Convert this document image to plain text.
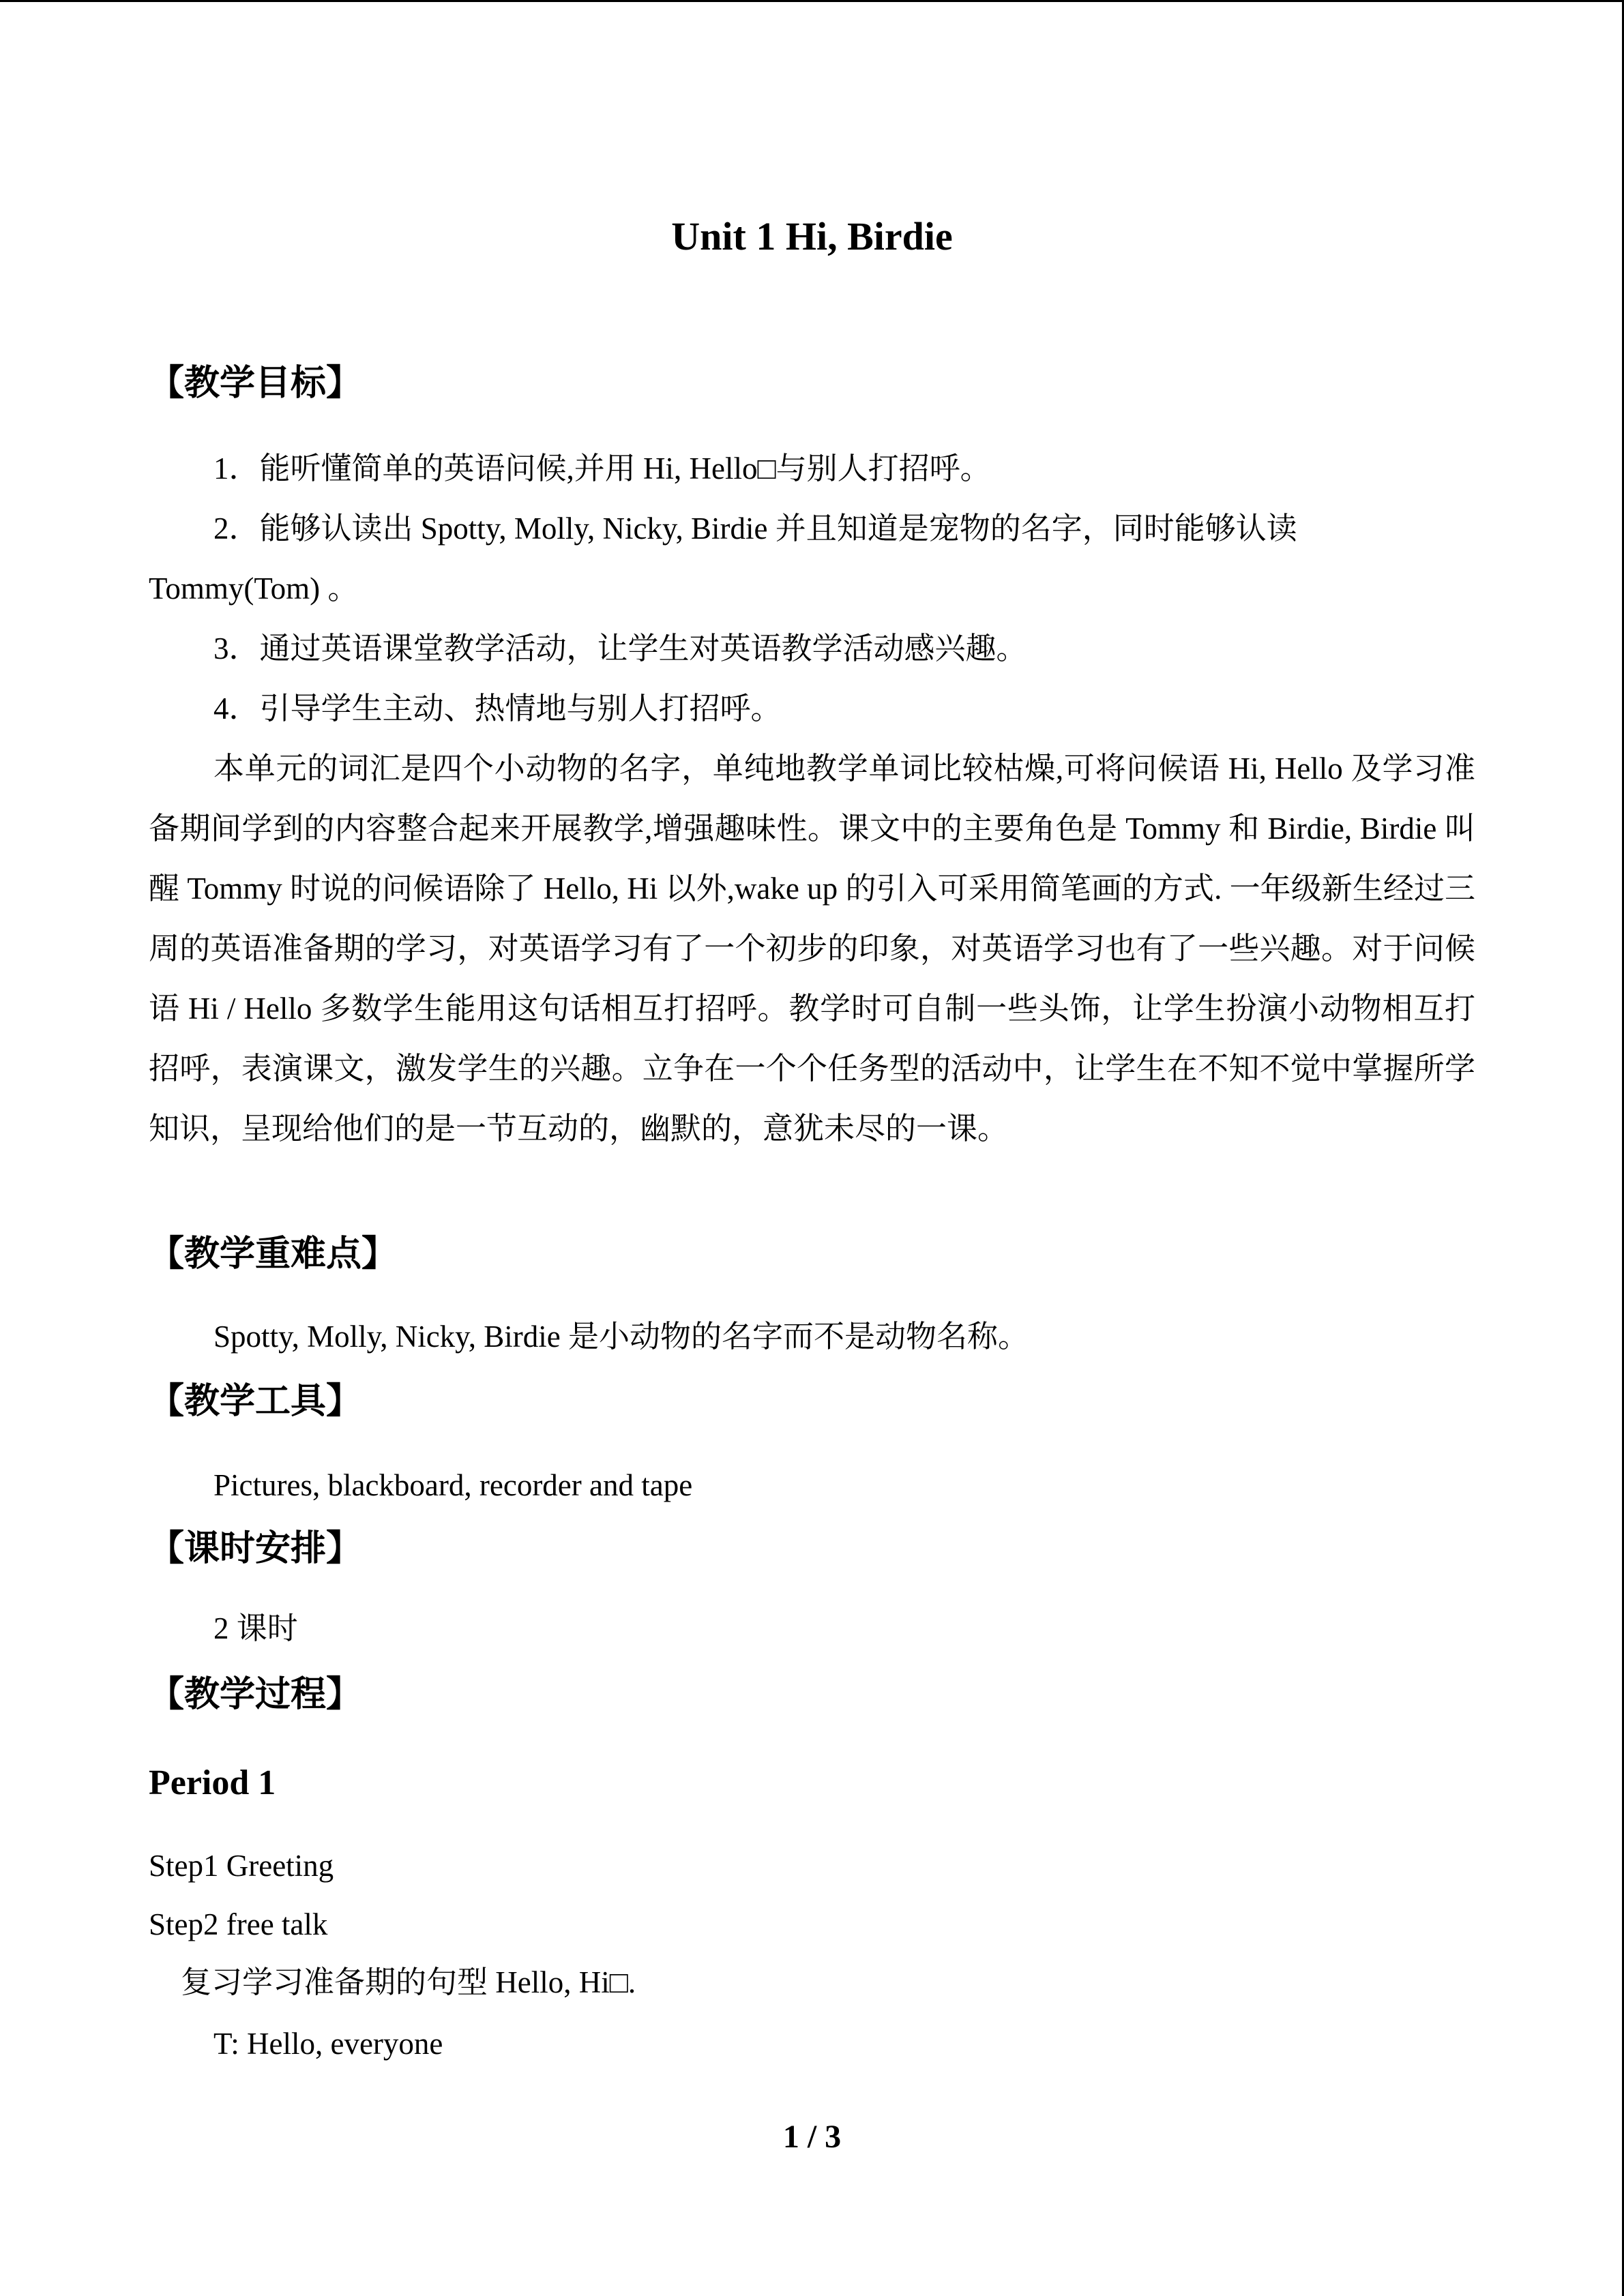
Unit 1 Hi, Birdie
【教学目标】
1．能听懂简单的英语问候,并用 Hi, Hello□与别人打招呼。
2．能够认读出 Spotty, Molly, Nicky, Birdie 并且知道是宠物的名字，同时能够认读
Tommy(Tom) 。
3．通过英语课堂教学活动，让学生对英语教学活动感兴趣。
4．引导学生主动、热情地与别人打招呼。

本单元的词汇是四个小动物的名字，单纯地教学单词比较枯燥,可将问候语 Hi, Hello 及学习准备期间学到的内容整合起来开展教学,增强趣味性。课文中的主要角色是 Tommy 和 Birdie, Birdie 叫醒 Tommy 时说的问候语除了 Hello, Hi 以外,wake up 的引入可采用简笔画的方式. 一年级新生经过三周的英语准备期的学习，对英语学习有了一个初步的印象，对英语学习也有了一些兴趣。对于问候语 Hi / Hello 多数学生能用这句话相互打招呼。教学时可自制一些头饰，让学生扮演小动物相互打招呼，表演课文，激发学生的兴趣。立争在一个个任务型的活动中，让学生在不知不觉中掌握所学知识，呈现给他们的是一节互动的，幽默的，意犹未尽的一课。

【教学重难点】
Spotty, Molly, Nicky, Birdie 是小动物的名字而不是动物名称。
【教学工具】
Pictures, blackboard, recorder and tape
【课时安排】
2 课时
【教学过程】
Period 1
Step1 Greeting
Step2 free talk
复习学习准备期的句型 Hello, Hi□.
T: Hello, everyone
1 / 3
